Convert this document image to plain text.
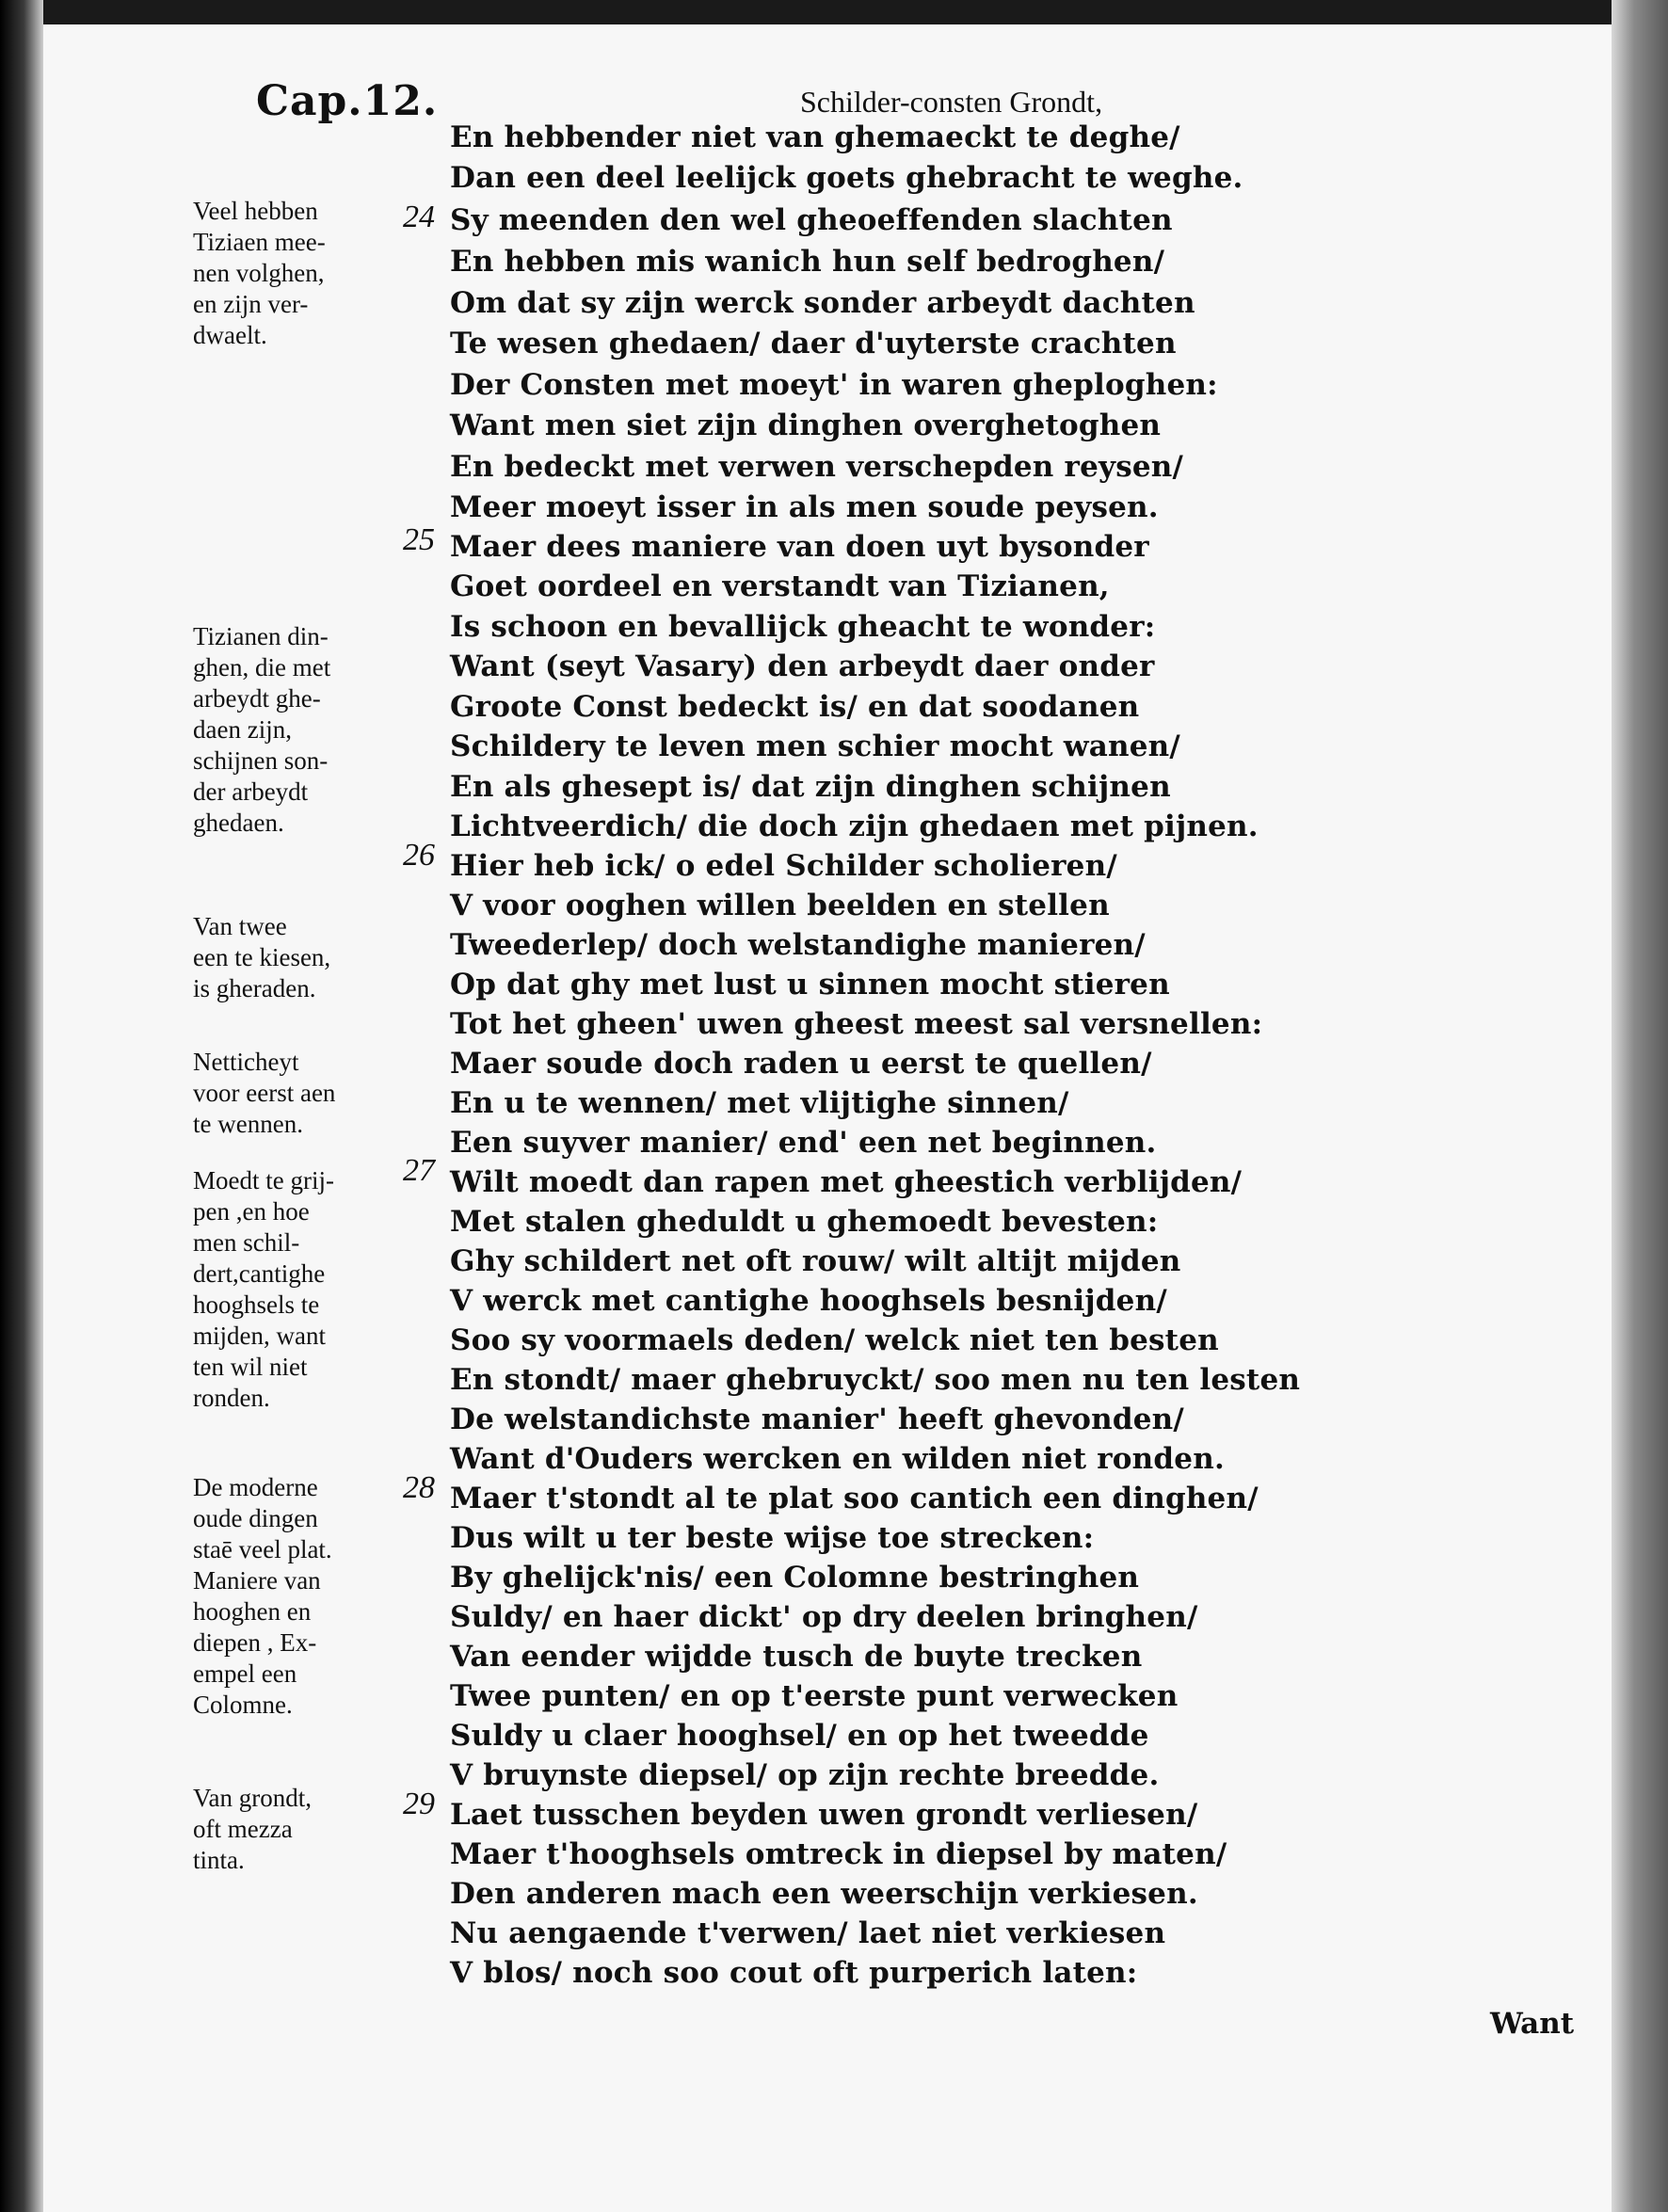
Cap.12.	Schilder-consten Grondt,
En hebbender niet van ghemaeckt te deghe/
Dan een deel leelijck goets ghebracht te weghe.
Sy meenden den wel gheoeffenden slachten
En hebben mis wanich hun self bedroghen/
Om dat sy zijn werck sonder arbeydt dachten
Te wesen ghedaen/ daer d'uyterste crachten
Der Consten met moeyt' in waren gheploghen:
Want men siet zijn dinghen overghetoghen
En bedeckt met verwen verschepden reysen/
Meer moeyt isser in als men soude peysen.
Maer dees maniere van doen uyt bysonder
Goet oordeel en verstandt van Tizianen,
Is schoon en bevallijck gheacht te wonder:
Want (seyt Vasary) den arbeydt daer onder
Groote Const bedeckt is/ en dat soodanen
Schildery te leven men schier mocht wanen/
En als ghesept is/ dat zijn dinghen schijnen
Lichtveerdich/ die doch zijn ghedaen met pijnen.
Hier heb ick/ o edel Schilder scholieren/
V voor ooghen willen beelden en stellen
Tweederlep/ doch welstandighe manieren/
Op dat ghy met lust u sinnen mocht stieren
Tot het gheen' uwen gheest meest sal versnellen:
Maer soude doch raden u eerst te quellen/
En u te wennen/ met vlijtighe sinnen/
Een suyver manier/ end' een net beginnen.
Wilt moedt dan rapen met gheestich verblijden/
Met stalen gheduldt u ghemoedt bevesten:
Ghy schildert net oft rouw/ wilt altijt mijden
V werck met cantighe hooghsels besnijden/
Soo sy voormaels deden/ welck niet ten besten
En stondt/ maer ghebruyckt/ soo men nu ten lesten
De welstandichste manier' heeft ghevonden/
Want d'Ouders wercken en wilden niet ronden.
Maer t'stondt al te plat soo cantich een dinghen/
Dus wilt u ter beste wijse toe strecken:
By ghelijck'nis/ een Colomne bestringhen
Suldy/ en haer dickt' op dry deelen bringhen/
Van eender wijdde tusch de buyte trecken
Twee punten/ en op t'eerste punt verwecken
Suldy u claer hooghsel/ en op het tweedde
V bruynste diepsel/ op zijn rechte breedde.
Laet tusschen beyden uwen grondt verliesen/
Maer t'hooghsels omtreck in diepsel by maten/
Den anderen mach een weerschijn verkiesen.
Nu aengaende t'verwen/ laet niet verkiesen
V blos/ noch soo cout oft purperich laten:
24
25
26
27
28
29
Veel hebben
Tiziaen mee-
nen volghen,
en zijn ver-
dwaelt.
Tizianen din-
ghen, die met
arbeydt ghe-
daen zijn,
schijnen son-
der arbeydt
ghedaen.
Van twee
een te kiesen,
is gheraden.
Netticheyt
voor eerst aen
te wennen.
Moedt te grij-
pen ,en hoe
men schil-
dert,cantighe
hooghsels te
mijden, want
ten wil niet
ronden.
De moderne
oude dingen
staē veel plat.
Maniere van
hooghen en
diepen , Ex-
empel een
Colomne.
Van grondt,
oft mezza
tinta.
Want
